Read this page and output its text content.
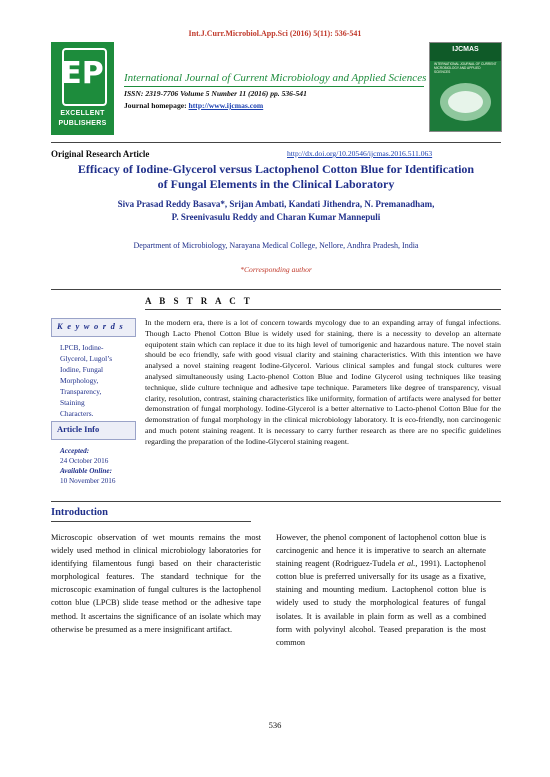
Int.J.Curr.Microbiol.App.Sci (2016) 5(11): 536-541
EP
EXCELLENT
PUBLISHERS
International Journal of Current Microbiology and Applied Sciences
ISSN: 2319-7706 Volume 5 Number 11 (2016) pp. 536-541
Journal homepage: http://www.ijcmas.com
IJCMAS
INTERNATIONAL JOURNAL OF CURRENT MICROBIOLOGY AND APPLIED SCIENCES
Original Research Article	http://dx.doi.org/10.20546/ijcmas.2016.511.063
Efficacy of Iodine-Glycerol versus Lactophenol Cotton Blue for Identification
of Fungal Elements in the Clinical Laboratory
Siva Prasad Reddy Basava*, Srijan Ambati, Kandati Jithendra, N. Premanadham,
P. Sreenivasulu Reddy and Charan Kumar Mannepuli
Department of Microbiology, Narayana Medical College, Nellore, Andhra Pradesh, India
*Corresponding author
A B S T R A C T
K e y w o r d s
LPCB, Iodine-
Glycerol, Lugol’s
Iodine, Fungal
Morphology,
Transparency,
Staining
Characters.
Article Info
Accepted:
24 October 2016
Available Online:
10 November 2016
In the modern era, there is a lot of concern towards mycology due to an expanding array of fungal infections. Though Lacto Phenol Cotton Blue is widely used for staining, there is a necessity to develop an alternate equipotent stain which can replace it due to its high level of tumorigenic and hazardous nature. The novel stain should be eco friendly, safe with good visual clarity and staining characteristics. With this intention we have analysed a novel staining reagent Iodine-Glycerol. Various clinical samples and fungal stock cultures were analysed simultaneously using Lacto-phenol Cotton Blue and Iodine Glycerol using techniques like teasing technique, slide culture technique and adhesive tape technique. Parameters like degree of transparency, visual clarity, resolution, contrast, staining characteristics like uniformity, formation of artifacts were analysed for better demonstration of fungal morphology. Iodine-Glycerol is a better alternative to Lacto-phenol Cotton Blue for the demonstration of fungal morphology in the clinical microbiology laboratory. It is eco-friendly, non carcinogenic and much potent staining reagent. It is necessary to carry further research as there are no specific guidelines regarding the preparation of the Iodine-Glycerol staining reagent.
Introduction
Microscopic observation of wet mounts remains the most widely used method in clinical microbiology laboratories for identifying filamentous fungi based on their characteristic morphological features. The standard technique for the microscopic examination of fungal cultures is the lactophenol cotton blue (LPCB) slide tease method or the adhesive tape method. It ascertains the significance of an isolate which may otherwise be presumed as a mere insignificant artifact.
However, the phenol component of lactophenol cotton blue is carcinogenic and hence it is imperative to search an alternate staining reagent (Rodriguez-Tudela et al., 1991). Lactophenol cotton blue is preferred universally for its usage as a fixative, staining and mounting medium. Lactophenol cotton blue is widely used to study the morphological features of fungal isolates. It is available in plain form as well as a combined form with polyvinyl alcohol. Teased preparation is the most common
536
